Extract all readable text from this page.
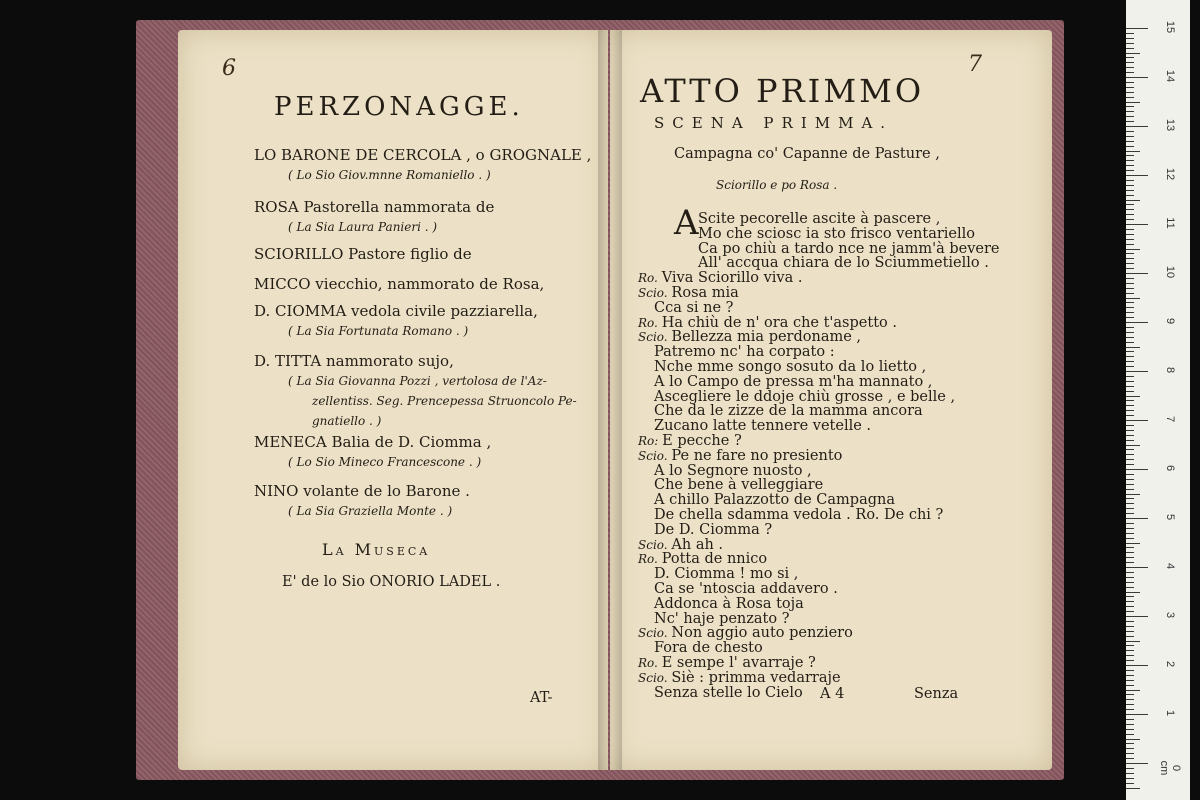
6
PERZONAGGE.
LO BARONE DE CERCOLA , o GROGNALE ,
( Lo Sio Giov.mnne Romaniello . )
ROSA Pastorella nammorata de
( La Sia Laura Panieri . )
SCIORILLO Pastore figlio de
MICCO viecchio, nammorato de Rosa,
D. CIOMMA vedola civile pazziarella,
( La Sia Fortunata Romano . )
D. TITTA nammorato sujo,
( La Sia Giovanna Pozzi , vertolosa de l'Az-
zellentiss. Seg. Prencepessa Struoncolo Pe-
gnatiello . )
MENECA Balia de D. Ciomma ,
( Lo Sio Mineco Francescone . )
NINO volante de lo Barone .
( La Sia Graziella Monte . )
La Museca
E' de lo Sio ONORIO LADEL .
AT-
7
ATTO PRIMMO
SCENA PRIMMA.
Campagna co' Capanne de Pasture ,
Sciorillo e po Rosa .
A Scite pecorelle ascite à pascere ,
Mo che sciosc ia sto frisco ventariello
Ca po chiù a tardo nce ne jamm'à bevere
All' accqua chiara de lo Sciummetiello .
Ro. Viva Sciorillo viva .
Scio. Rosa mia
Cca si ne ?
Ro. Ha chiù de n' ora che t'aspetto .
Scio. Bellezza mia perdoname ,
Patremo nc' ha corpato :
Nche mme songo sosuto da lo lietto ,
A lo Campo de pressa m'ha mannato ,
Ascegliere le ddoje chiù grosse , e belle ,
Che da le zizze de la mamma ancora
Zucano latte tennere vetelle .
Ro: E pecche ?
Scio. Pe ne fare no presiento
A lo Segnore nuosto ,
Che bene à velleggiare
A chillo Palazzotto de Campagna
De chella sdamma vedola . Ro. De chi ?
De D. Ciomma ?
Scio. Ah ah .
Ro. Potta de nnico
D. Ciomma ! mo si ,
Ca se 'ntoscia addavero .
Addonca à Rosa toja
Nc' haje penzato ?
Scio. Non aggio auto penziero
Fora de chesto
Ro. E sempe l' avarraje ?
Scio. Siè : primma vedarraje
Senza stelle lo Cielo A 4	Senza
15
14
13
12
11
10
9
8
7
6
5
4
3
2
1
0 cm
